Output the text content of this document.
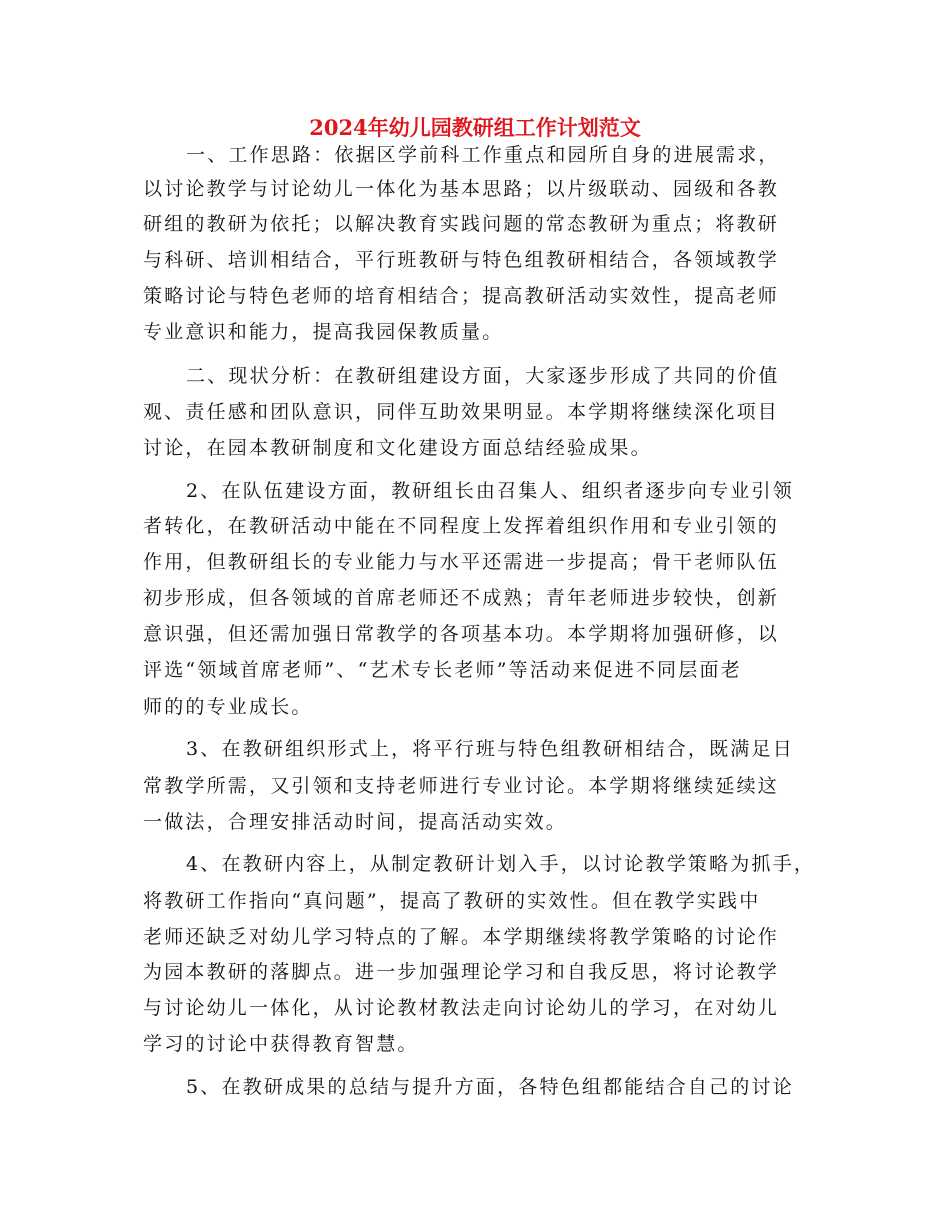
2024年幼儿园教研组工作计划范文
一、工作思路：依据区学前科工作重点和园所自身的进展需求，
以讨论教学与讨论幼儿一体化为基本思路；以片级联动、园级和各教
研组的教研为依托；以解决教育实践问题的常态教研为重点；将教研
与科研、培训相结合，平行班教研与特色组教研相结合，各领域教学
策略讨论与特色老师的培育相结合；提高教研活动实效性，提高老师
专业意识和能力，提高我园保教质量。
二、现状分析：在教研组建设方面，大家逐步形成了共同的价值
观、责任感和团队意识，同伴互助效果明显。本学期将继续深化项目
讨论，在园本教研制度和文化建设方面总结经验成果。
2、在队伍建设方面，教研组长由召集人、组织者逐步向专业引领
者转化，在教研活动中能在不同程度上发挥着组织作用和专业引领的
作用，但教研组长的专业能力与水平还需进一步提高；骨干老师队伍
初步形成，但各领域的首席老师还不成熟；青年老师进步较快，创新
意识强，但还需加强日常教学的各项基本功。本学期将加强研修，以
评选“领域首席老师”、“艺术专长老师”等活动来促进不同层面老
师的的专业成长。
3、在教研组织形式上，将平行班与特色组教研相结合，既满足日
常教学所需，又引领和支持老师进行专业讨论。本学期将继续延续这
一做法，合理安排活动时间，提高活动实效。
4、在教研内容上，从制定教研计划入手，以讨论教学策略为抓手，
将教研工作指向“真问题”，提高了教研的实效性。但在教学实践中
老师还缺乏对幼儿学习特点的了解。本学期继续将教学策略的讨论作
为园本教研的落脚点。进一步加强理论学习和自我反思，将讨论教学
与讨论幼儿一体化，从讨论教材教法走向讨论幼儿的学习，在对幼儿
学习的讨论中获得教育智慧。
5、在教研成果的总结与提升方面，各特色组都能结合自己的讨论
